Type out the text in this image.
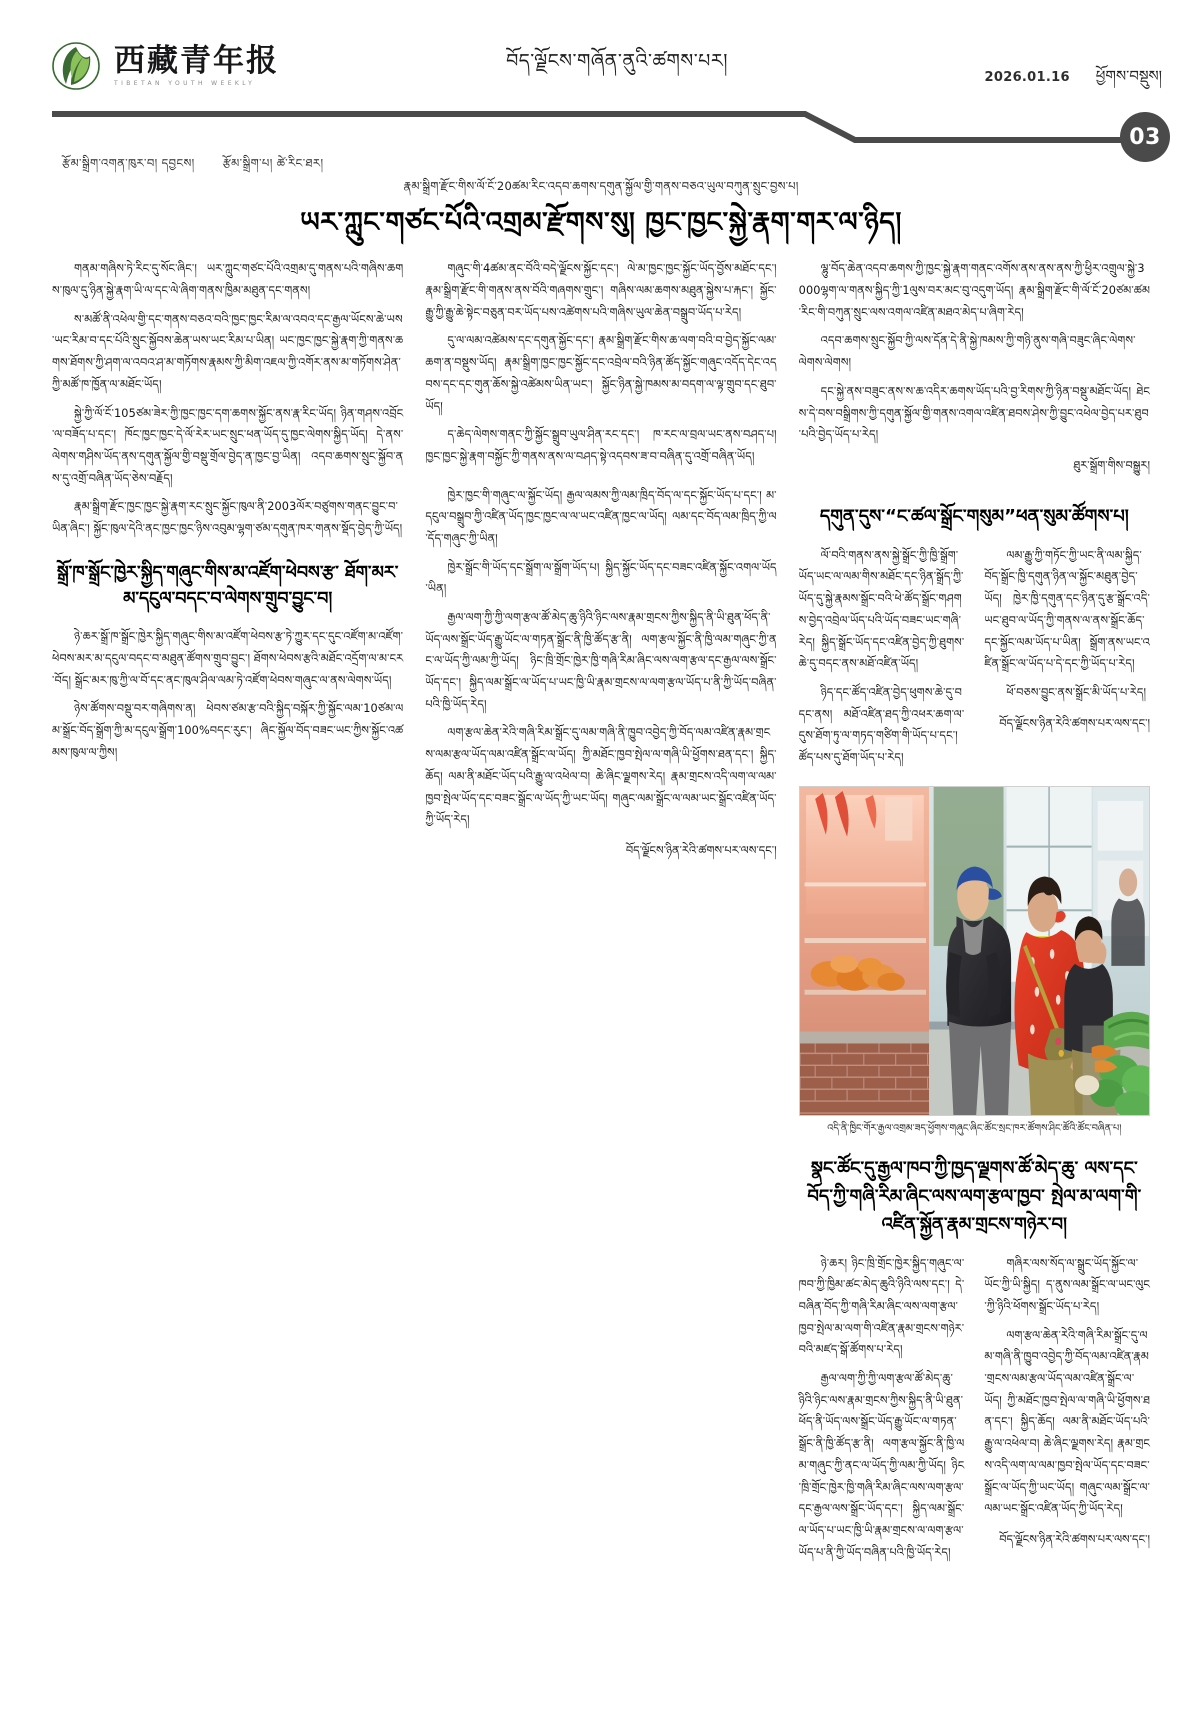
西藏青年报
TIBETAN YOUTH WEEKLY
བོད་ལྗོངས་གཞོན་ནུའི་ཚགས་པར།
2026.01.16 ཕྱོགས་བསྡུས།
03
རྩོམ་སྒྲིག་འགན་ཁུར་བ། དབྱངས། རྩོམ་སྒྲིག་པ། ཚེ་རིང་ཐར།
རྣམ་སྒྲིག་རྫོང་གིས་ལོ་ངོ་20ཚམ་རིང་འདབ་ཆགས་དགུན་སྐྱོལ་གྱི་གནས་བཅའ་ཡུལ་བཀུན་སྲུང་བྱས་པ།
ཡར་ཀླུང་གཙང་པོའི་འགྲམ་རྫོགས་སུ། ཁྱང་ཁྱང་སྐྱེ་རྣག་གར་ལ་ཉིད།

གནམ་གཞིས་ཏེ་རིང་དུ་སོང་ཞིང་། ཡར་ཀླུང་གཙང་པོའི་འགྲམ་དུ་གནས་པའི་གཞིས་ཆགས་ཁུལ་དུ་ཉིན་སྐྱེ་རྣག་ཡི་ལ་དང་ལེ་ཞིག་གནས་ཁྱིམ་མཐུན་དང་གནས།

ས་མཚོ་ནི་འཕེལ་གྱི་དང་གནས་བཅའ་བའི་ཁྱང་ཁྱང་རིམ་ལ་འབའ་དང་རྒྱལ་ཡོངས་ཆེ་ཡས་ཡང་རིམ་བ་དང་པོའི་སྲུང་སྐྱོབས་ཆེན་ཡས་ཡང་རིམ་པ་ཡིན། ཡང་ཁྱང་ཁྱང་སྐྱེ་རྣག་ཀྱི་གནས་ཆགས་ཐོགས་ཀྱི་ཤག་ལ་འབའ་ཤ་མ་གཏོགས་རྣམས་ཀྱི་མིག་འཇལ་ཀྱི་འགོར་ནས་མ་གཏོགས་ཤེན་ཀྱི་མཚོ་ཁ་ཁྱོན་ལ་མཐོང་ཡོད།

སྐྱེ་ཀྱི་ལོ་ངོ་105ཙམ་ཟེར་ཀྱི་ཁྱང་ཁྱང་དག་ཆགས་སྐྱོང་ནས་རྣ་རིང་ཡོད། ཉིན་གཤས་འབྲོང་ལ་བཟོད་པ་དང་། ཁོང་ཁྱང་ཁྱང་དེ་ལོ་རེར་ཡང་སྲུང་ཕན་ཡོད་དུ་ཁྱང་ལེགས་སྐྱིད་ཡོད། དེ་ནས་ལེགས་གཤིས་ཡོད་ནས་དགུན་སྐྱོལ་གྱི་བསྡུ་གྲོལ་བྱེད་ན་ཁྱང་བྱ་ཡིན། འདབ་ཆགས་སྲུང་སྐྱོབ་ནས་དུ་འགྲོ་བཞིན་ཡོད་ཅེས་བརྗོད།

རྣམ་སྒྲིག་རྫོང་ཁྱང་ཁྱང་སྐྱེ་རྣག་རང་སྲུང་སྐྱོང་ཁུལ་ནི་2003ལོར་བཙུགས་གནང་བྱུང་བ་ཡིན་ཞིང་། སྐྱོང་ཁུལ་དེའི་ནང་ཁྱང་ཁྱང་ཉིས་འབུམ་ལྷག་ཙམ་དགུན་ཁར་གནས་སྡོད་བྱེད་ཀྱི་ཡོད།

སྒྲོ་ཁ་སྒྲོང་ཁྱེར་སྐྱིད་གཞུང་གིས་མ་འཛོག་ཕེབས་རྩ་ ཐོག་མར་མ་དངུལ་བདང་བ་ལེགས་གྲུབ་བྱུང་བ།

ཉེ་ཆར་སྒྲོ་ཁ་སྒྲོང་ཁྱེར་སྐྱིད་གཞུང་གིས་མ་འཛོག་ཕེབས་རྩ་ཏེ་ཀྱུར་དང་དུང་འཛོག་མ་འཛོག་ཕེབས་མར་མ་དངུལ་བདང་བ་མཐུན་ཚོགས་གྲུབ་བྱུང་། ཐོགས་ཕེབས་རྩའི་མཐོང་འདྲོག་ལ་མ་ངར་བོད། སྒྲོང་མར་ཁུ་ཀྱི་ལ་བོ་དང་ནང་ཁུལ་ཤིལ་ལམ་ཏེ་འཛོག་ཕེབས་གཞུང་ལ་ནས་ལེགས་ཡོད།

ཉེས་ཚོགས་བསྡུ་བར་གཞིགས་ན། ཕེབས་ཙམ་རྩ་བའི་སྐྱིད་བསྐོར་ཀྱི་སྐྱོང་ལམ་10ཙམ་ལམ་སྒྲོང་བོད་སྒྲོག་ཀྱི་མ་དངུལ་སྒྲོག་100%བདང་རུང་། ཞིང་སྐྱོལ་བོད་བཟང་ཡང་ཀྱིས་སྐྱོང་འཚམས་ཁུལ་ལ་ཀྱིས།

གཞུང་གི་4ཚམ་ནང་བོའི་བདེ་ལྗོངས་སྐྱོང་དང་། ལེ་མ་ཁྱང་ཁྱང་སྐྱོང་ཡོད་བྱོས་མཐོང་དང་། རྣམ་སྒྲིག་རྫོང་གི་གནས་ནས་བོའི་གཞགས་གྲུང་། གཞིས་ལམ་ཆགས་མཐུན་སྐྱེས་པ་རྐང་། སྐྱོང་རྒྱུ་ཀྱི་རྒྱུ་ཆེ་སྟེང་བཅུན་བར་ཡོད་པས་འཚེགས་པའི་གཞིས་ཡུལ་ཆེན་བསྒྲུབ་ཡོད་པ་རེད།

དུ་ལ་ལམ་འཚེམས་དང་དགུན་སྐྱོང་དང་། རྣམ་སྒྲིག་རྫོང་གིས་ཆ་ལག་བའི་བ་བྱེད་སྐྱོང་ལམ་ཆག་ན་བསྡུས་ཡོད། རྣམ་སྒྲིག་ཁྱང་ཁྱང་སྐྱོང་དང་འབྲེལ་བའི་ཉིན་ཚོད་སྐྱོང་གཞུང་འདོད་དེང་འདབས་དང་དང་གུན་ཆོས་སྐྱེ་འཚེམས་ཡིན་ཡང་། སྐྱོང་ཉིན་སྐྱེ་ཁམས་མ་བདག་ལ་ལྟ་གྲུབ་དང་ཐུབ་ཡོད།

ད་ཆེད་ལེགས་གནང་ཀྱི་སྐྱོང་སྒྲུབ་ཡུལ་ཤིན་རང་དང་། ཁ་རང་ལ་བྲལ་ཡང་ནས་བཤད་པ། ཁྱང་ཁྱང་སྐྱེ་རྣག་བསྐྱོང་ཀྱི་གནས་ནས་ལ་བཤད་སྟེ་འདབས་ཟ་བ་བཞིན་དུ་འགྲོ་བཞིན་ཡོད།

ཁྱེར་ཁྱང་གི་གཞུང་ལ་སྐྱོང་ཡོད། རྒྱལ་ལམས་ཀྱི་ལམ་ཁྲིད་བོད་ལ་དང་སྐྱོང་ཡོད་པ་དང་། མ་དངུལ་བསྒྲུབ་ཀྱི་འཛིན་ཡོད་ཁྱང་ཁྱང་ལ་ལ་ཡང་འཛིན་ཁྱང་ལ་ཡོད། ལམ་དང་བོད་ལམ་ཁྲིད་ཀྱི་ལ་དོད་གཞུང་ཀྱི་ཡིན།

ཁྱེར་སྒྲོང་གི་ཡོད་དང་སྒྲོག་ལ་སྒྲོག་ཡོད་པ། སྐྱིད་སྐྱོང་ཡོད་དང་བཟང་འཛིན་སྐྱོང་འགལ་ཡོད་ཡིན།

རྒྱལ་ལག་ཀྱི་ཀྱི་ལག་རྩལ་ཚོ་མེད་ཆུ་ཉིའི་ཉིང་ལས་རྣམ་གྲངས་ཀྱིས་སྐྱིད་ནི་ཡི་ཐུན་ཕོད་ནི་ཡོད་ལས་སྒྲོང་ཡོད་རྒྱུ་ཡོང་ལ་གཏན་སྒྲོང་ནི་ཁྱི་ཚོད་རྩ་ནི། ལག་རྩལ་སྐྱོང་ནི་ཁྱི་ལམ་གཞུང་ཀྱི་ནང་ལ་ཡོད་ཀྱི་ལམ་ཀྱི་ཡོད། ཉིང་ཁྲི་གྲོང་ཁྱེར་ཁྱི་གཞི་རིམ་ཞིང་ལས་ལག་རྩལ་དང་རྒྱལ་ལས་སྒྲོང་ཡོད་དང་། སྐྱིད་ལམ་སྒྲོང་ལ་ཡོད་པ་ཡང་ཁྱི་ཡི་རྣམ་གྲངས་ལ་ལག་རྩལ་ཡོད་པ་ནི་ཀྱི་ཡོད་བཞིན་པའི་ཁྱི་ཡོད་རེད།

ལག་རྩལ་ཆེན་རེའི་གཞི་རིམ་སྒྲོང་དུ་ལམ་གཞི་ནི་ཁྱུབ་འབྱེད་ཀྱི་བོད་ལམ་འཛིན་རྣམ་གྲངས་ལམ་རྩལ་ཡོད་ལམ་འཛིན་སྒྲོང་ལ་ཡོད། ཀྱི་མཐོང་ཁྱབ་སྤེལ་ལ་གཞི་ཡི་ཕྱོགས་ཐན་དང་། སྐྱིད་ཆོད། ལམ་ནི་མཐོང་ཡོད་པའི་རྒྱུ་ལ་འཕེལ་བ། ཆེ་ཞིང་ལྗགས་རེད། རྣམ་གྲངས་འདི་ལག་ལ་ལམ་ཁྱབ་སྤེལ་ཡོད་དང་བཟང་སྒྲོང་ལ་ཡོད་ཀྱི་ཡང་ཡོད། གཞུང་ལམ་སྒྲོང་ལ་ལམ་ཡང་སྒྲོང་འཛིན་ཡོད་ཀྱི་ཡོད་རེད།

བོད་ལྗོངས་ཉིན་རེའི་ཚགས་པར་ལས་དང་།

ལྷུ་བོད་ཆེན་འདབ་ཆགས་ཀྱི་ཁྱང་སྐྱེ་རྣག་གནང་འགོས་ནས་ནས་ནས་ཀྱི་ཕྱིར་འགྲུལ་སྐྱེ་3000ལྷག་ལ་གནས་སྐྱིད་ཀྱི་1ལུས་བར་མང་བུ་འདུག་ཡོད། རྣམ་སྒྲིག་རྫོང་གི་ལོ་ངོ་20ཙམ་ཚམ་རིང་གི་བཀུན་སྲུང་ལས་འགལ་འཛིན་མཐའ་མེད་པ་ཞིག་རེད།

འདབ་ཆགས་སྲུང་སྐྱོབ་ཀྱི་ལས་དོན་དེ་ནི་སྐྱེ་ཁམས་ཀྱི་གཉི་ནུས་གཞི་བཟུང་ཞིང་ལེགས་ལེགས་ལེགས།

དང་སྐྱེ་ནས་བཟུང་ནས་ས་ཆ་འདིར་ཆགས་ཡོད་པའི་བྱ་རིགས་ཀྱི་ཉིན་བསྡུ་མཐོང་ཡོད། ཐེངས་དེ་བས་བསྒྲིགས་ཀྱི་དགུན་སྐྱོལ་གྱི་གནས་འགལ་འཛིན་ཐབས་ཤེས་ཀྱི་བྱུང་འཕེལ་བྱེད་པར་ཐུབ་པའི་བྱེད་ཡོད་པ་རེད།

ཐུར་སྒྲོག་གིས་བསྒྱུར།
དགུན་དུས་“ང་ཚལ་སྒྲོང་གསུམ”ཕན་སུམ་ཚོགས་པ།

ལོ་བའི་གནས་ནས་སྐྱེ་སྒྲོང་ཀྱི་ཁྱི་སྒྲོག་ཡོད་ཡང་ལ་ལམ་གིས་མཐོང་དང་ཉིན་སྒྲོད་ཀྱི་ཡོད་དུ་སྐྱེ་རྣམས་སྒྲོང་བའི་ཕེ་ཚོད་སྒྲོང་གཤགས་བྱེད་འབྲེལ་ཡོད་པའི་ཡོད་བཟང་ཡང་གཞི་རེད། སྐྱིད་སྒྲོང་ཡོད་དང་འཛིན་བྱེད་ཀྱི་ཐུགས་ཆེ་དུ་བདང་ནས་མཐོ་འཛིན་ཡོད།

ཉིད་དང་ཚོད་འཛིན་བྱེད་ཕུགས་ཆེ་དུ་བདང་ནས། མཐོ་འཛིན་ཐད་ཀྱི་འཕར་ཆག་ལ་དུས་ཐོག་ཏུ་ལ་གཏད་གཙིག་གི་ཡོད་པ་དང་། ཚོད་པས་དུ་ཐོག་ཡོད་པ་རེད།

ལམ་རྒྱུ་ཀྱི་གཏོང་ཀྱི་ཡང་ནི་ལམ་སྐྱིད་བོད་སྒྲོང་ཁྱི་དགུན་ཉིན་ལ་སྐྱོང་མཐུན་བྱེད་ཡོད། ཁྱེར་ཁྱི་དགུན་དང་ཉིན་དུ་རྩ་སྒྲོང་འདི་ཡང་ཐུབ་ལ་ཡོད་ཀྱི་གནས་ལ་ནས་སྒྲོང་ཆོད་དང་སྐྱོང་ལམ་ཡོད་པ་ཡིན། སྒྲོག་ནས་ཡང་འཛིན་སྒྲོང་ལ་ཡོད་པ་དེ་དང་ཀྱི་ཡོད་པ་རེད།

ཕོ་བཅས་བྱུང་ནས་སྒྲོང་མི་ཡོད་པ་རེད།

བོད་ལྗོངས་ཉིན་རེའི་ཚགས་པར་ལས་དང་།
འདི་ནི་ཁྱིང་གོར་རྒྱལ་འགྲམ་ཟད་ཕྱོགས་གཞུང་ཞིང་ཚོང་སྲང་ཁར་ཚོགས་ཤིང་ཚོའི་ཚོང་བཞིན་པ།
སྣང་ཚོང་དུ་རྒྱལ་ཁབ་ཀྱི་ཁྱད་ལྗགས་ཚོ་མེད་ཆུ་ ལས་དང་བོད་ཀྱི་གཞི་རིམ་ཞིང་ལས་ལག་རྩལ་ཁྱབ་ སྤེལ་མ་ལག་གི་འཛིན་སྐྱོན་རྣམ་གྲངས་གཉེར་བ།

ཉེ་ཆར། ཉིང་ཁྲི་གྲོང་ཁྱེར་སྐྱིད་གཞུང་ལ་ཁབ་ཀྱི་ཁྱིམ་ཚང་མེད་ཆུའི་ཉིའི་ལས་དང་། དེ་བཞིན་བོད་ཀྱི་གཞི་རིམ་ཞིང་ལས་ལག་རྩལ་ཁྱབ་སྤེལ་མ་ལག་གི་འཛིན་རྣམ་གྲངས་གཉེར་བའི་མཛད་སྒོ་ཚོགས་པ་རེད།

རྒྱལ་ལག་ཀྱི་ཀྱི་ལག་རྩལ་ཚོ་མེད་ཆུ་ཉིའི་ཉིང་ལས་རྣམ་གྲངས་ཀྱིས་སྐྱིད་ནི་ཡི་ཐུན་ཕོད་ནི་ཡོད་ལས་སྒྲོང་ཡོད་རྒྱུ་ཡོང་ལ་གཏན་སྒྲོང་ནི་ཁྱི་ཚོད་རྩ་ནི། ལག་རྩལ་སྐྱོང་ནི་ཁྱི་ལམ་གཞུང་ཀྱི་ནང་ལ་ཡོད་ཀྱི་ལམ་ཀྱི་ཡོད། ཉིང་ཁྲི་གྲོང་ཁྱེར་ཁྱི་གཞི་རིམ་ཞིང་ལས་ལག་རྩལ་དང་རྒྱལ་ལས་སྒྲོང་ཡོད་དང་། སྐྱིད་ལམ་སྒྲོང་ལ་ཡོད་པ་ཡང་ཁྱི་ཡི་རྣམ་གྲངས་ལ་ལག་རྩལ་ཡོད་པ་ནི་ཀྱི་ཡོད་བཞིན་པའི་ཁྱི་ཡོད་རེད།

གཞིར་ལས་སོད་ལ་སྒྲུང་ཡོད་སྐྱོང་ལ་ཡོང་ཀྱི་ཡི་སྐྱིད། ད་ནུས་ལམ་སྒྲོང་ལ་ཡང་ལུང་ཀྱི་ཉིའི་ཕོགས་སྒྲོང་ཡོད་པ་རེད།

ལག་རྩལ་ཆེན་རེའི་གཞི་རིམ་སྒྲོང་དུ་ལམ་གཞི་ནི་ཁྱུབ་འབྱེད་ཀྱི་བོད་ལམ་འཛིན་རྣམ་གྲངས་ལམ་རྩལ་ཡོད་ལམ་འཛིན་སྒྲོང་ལ་ཡོད། ཀྱི་མཐོང་ཁྱབ་སྤེལ་ལ་གཞི་ཡི་ཕྱོགས་ཐན་དང་། སྐྱིད་ཆོད། ལམ་ནི་མཐོང་ཡོད་པའི་རྒྱུ་ལ་འཕེལ་བ། ཆེ་ཞིང་ལྗགས་རེད། རྣམ་གྲངས་འདི་ལག་ལ་ལམ་ཁྱབ་སྤེལ་ཡོད་དང་བཟང་སྒྲོང་ལ་ཡོད་ཀྱི་ཡང་ཡོད། གཞུང་ལམ་སྒྲོང་ལ་ལམ་ཡང་སྒྲོང་འཛིན་ཡོད་ཀྱི་ཡོད་རེད།

བོད་ལྗོངས་ཉིན་རེའི་ཚགས་པར་ལས་དང་།
